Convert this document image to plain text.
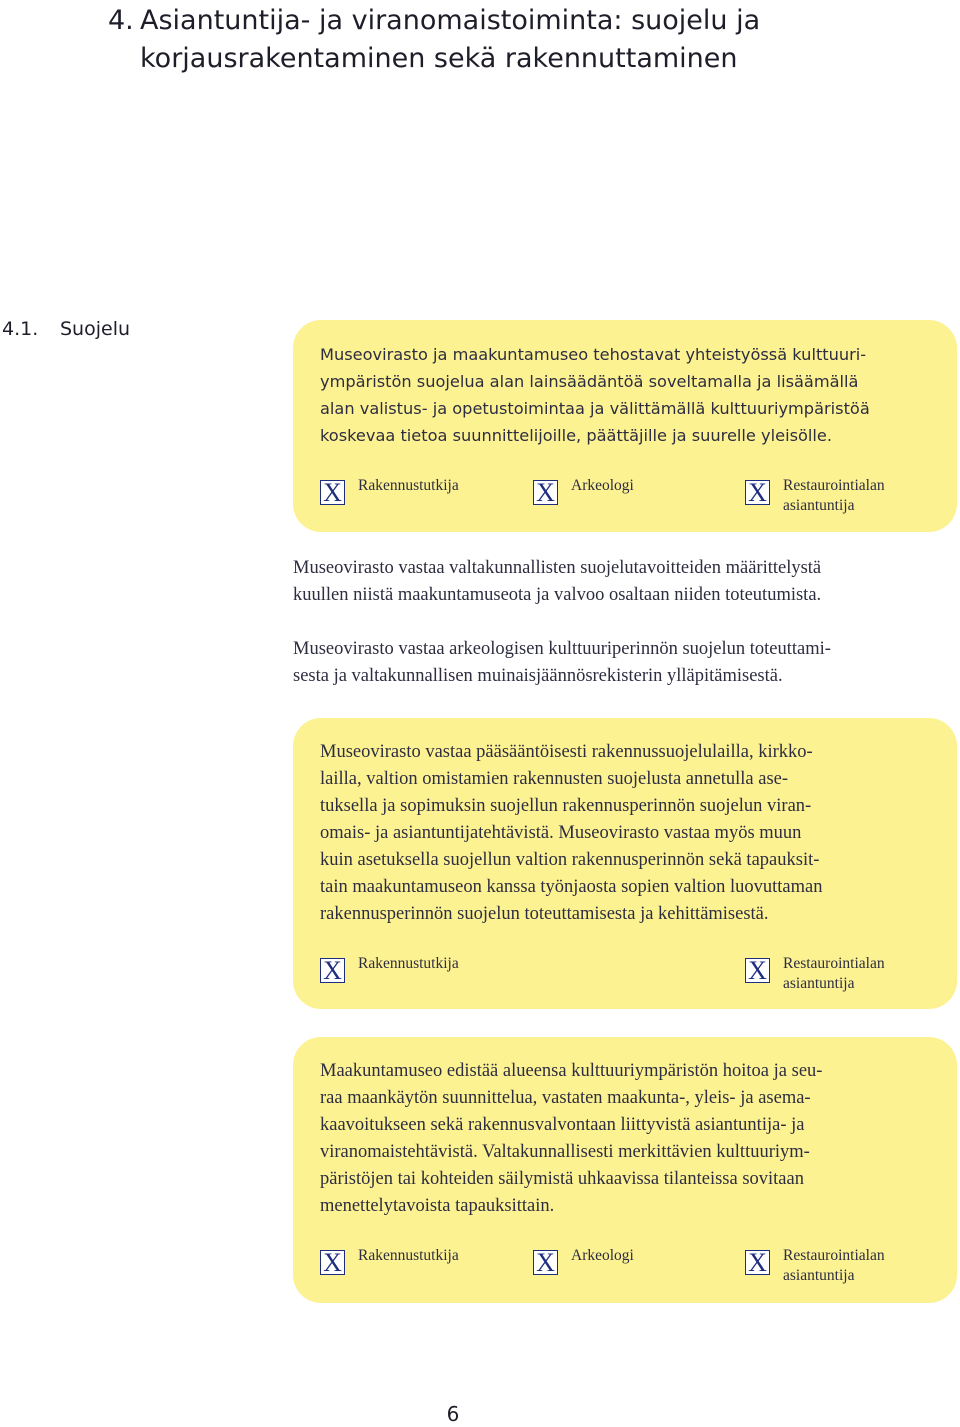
4. Asiantuntija- ja viranomaistoiminta: suojelu ja
korjausrakentaminen sekä rakennuttaminen
4.1. Suojelu

Museovirasto ja maakuntamuseo tehostavat yhteistyössä kulttuuri-
ympäristön suojelua alan lainsäädäntöä soveltamalla ja lisäämällä
alan valistus- ja opetustoimintaa ja välittämällä kulttuuriympäristöä
koskevaa tietoa suunnittelijoille, päättäjille ja suurelle yleisölle.

X Rakennustutkija	X Arkeologi	X Restaurointialan
asiantuntija

Museovirasto vastaa valtakunnallisten suojelutavoitteiden määrittelystä
kuullen niistä maakuntamuseota ja valvoo osaltaan niiden toteutumista.

Museovirasto vastaa arkeologisen kulttuuriperinnön suojelun toteuttami-
sesta ja valtakunnallisen muinaisjäännösrekisterin ylläpitämisestä.

Museovirasto vastaa pääsääntöisesti rakennussuojelulailla, kirkko-
lailla, valtion omistamien rakennusten suojelusta annetulla ase-
tuksella ja sopimuksin suojellun rakennusperinnön suojelun viran-
omais- ja asiantuntijatehtävistä. Museovirasto vastaa myös muun
kuin asetuksella suojellun valtion rakennusperinnön sekä tapauksit-
tain maakuntamuseon kanssa työnjaosta sopien valtion luovuttaman
rakennusperinnön suojelun toteuttamisesta ja kehittämisestä.

X Rakennustutkija	X Restaurointialan
asiantuntija

Maakuntamuseo edistää alueensa kulttuuriympäristön hoitoa ja seu-
raa maankäytön suunnittelua, vastaten maakunta-, yleis- ja asema-
kaavoitukseen sekä rakennusvalvontaan liittyvistä asiantuntija- ja
viranomaistehtävistä. Valtakunnallisesti merkittävien kulttuuriym-
päristöjen tai kohteiden säilymistä uhkaavissa tilanteissa sovitaan
menettelytavoista tapauksittain.

X Rakennustutkija	X Arkeologi	X Restaurointialan
asiantuntija
6
